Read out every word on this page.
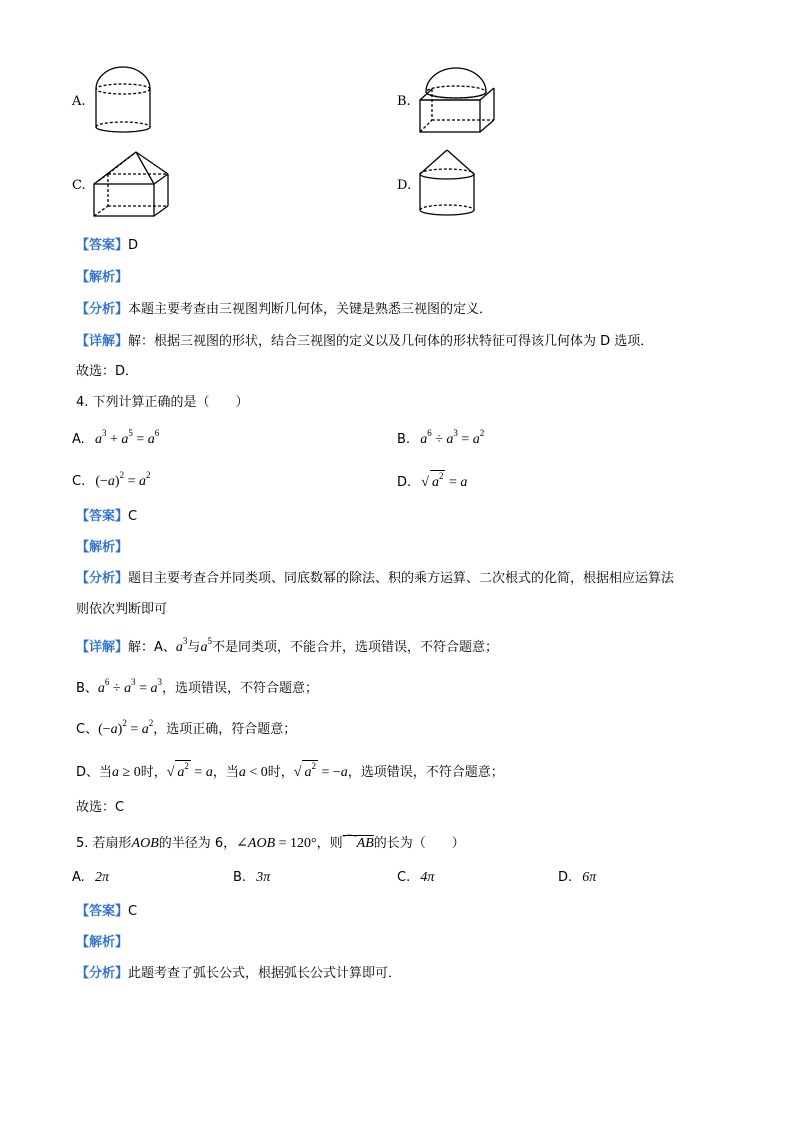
A.	B.
C.	D.
【答案】D
【解析】
【分析】本题主要考查由三视图判断几何体，关键是熟悉三视图的定义．
【详解】解：根据三视图的形状，结合三视图的定义以及几何体的形状特征可得该几何体为 D 选项．
故选：D．
4. 下列计算正确的是（　　）
A. $a^3 + a^5 = a^6$	B. $a^6 \div a^3 = a^2$
C. $(-a)^2 = a^2$	D. √ $a^2 = a$
【答案】C
【解析】
【分析】题目主要考查合并同类项、同底数幂的除法、积的乘方运算、二次根式的化简，根据相应运算法
则依次判断即可
【详解】解：A、$a^3$与$a^5$不是同类项，不能合并，选项错误，不符合题意；
B、$a^6 \div a^3 = a^3$，选项错误，不符合题意；
C、$(-a)^2 = a^2$，选项正确，符合题意；
D、当a ≥ 0时，√ $a^2 = a$，当a < 0时，√ $a^2 = -a$，选项错误，不符合题意；
故选：C
5. 若扇形AOB的半径为 6，∠AOB = 120°，则⌒AB的长为（　　）
A. 2π	B. 3π	C. 4π	D. 6π
【答案】C
【解析】
【分析】此题考查了弧长公式，根据弧长公式计算即可．
